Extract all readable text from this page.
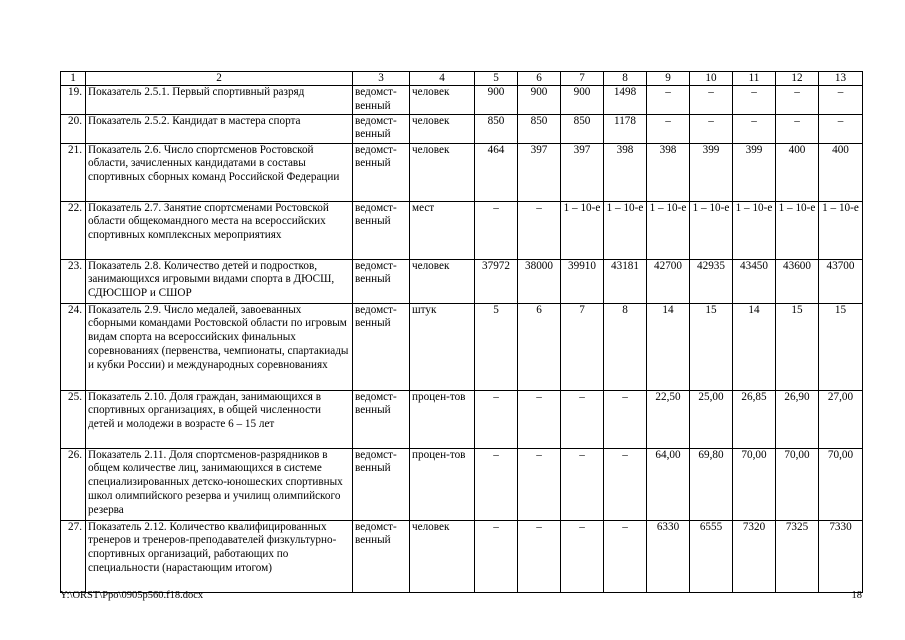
1	2	3	4	5	6	7	8	9	10	11	12	13
19.	Показатель 2.5.1. Первый спортивный разряд	ведомст-венный	человек	900	900	900	1498	–	–	–	–	–
20.	Показатель 2.5.2. Кандидат в мастера спорта	ведомст-венный	человек	850	850	850	1178	–	–	–	–	–
21.	Показатель 2.6. Число спортсменов Ростовской области, зачисленных кандидатами в составы спортивных сборных команд Российской Федерации	ведомст-венный	человек	464	397	397	398	398	399	399	400	400
22.	Показатель 2.7. Занятие спортсменами Ростовской области общекомандного места на всероссийских спортивных комплексных мероприятиях	ведомст-венный	мест	–	–	1 – 10-е	1 – 10-е	1 – 10-е	1 – 10-е	1 – 10-е	1 – 10-е	1 – 10-е
23.	Показатель 2.8. Количество детей и подростков, занимающихся игровыми видами спорта в ДЮСШ, СДЮСШОР и СШОР	ведомст-венный	человек	37972	38000	39910	43181	42700	42935	43450	43600	43700
24.	Показатель 2.9. Число медалей, завоеванных сборными командами Ростовской области по игровым видам спорта на всероссийских финальных соревнованиях (первенства, чемпионаты, спартакиады и кубки России) и международных соревнованиях	ведомст-венный	штук	5	6	7	8	14	15	14	15	15
25.	Показатель 2.10. Доля граждан, занимающихся в спортивных организациях, в общей численности детей и молодежи в возрасте 6 – 15 лет	ведомст-венный	процен-тов	–	–	–	–	22,50	25,00	26,85	26,90	27,00
26.	Показатель 2.11. Доля спортсменов-разрядников в общем количестве лиц, занимающихся в системе специализированных детско-юношеских спортивных школ олимпийского резерва и училищ олимпийского резерва	ведомст-венный	процен-тов	–	–	–	–	64,00	69,80	70,00	70,00	70,00
27.	Показатель 2.12. Количество квалифицированных тренеров и тренеров-преподавателей физкультурно-спортивных организаций, работающих по специальности (нарастающим итогом)	ведомст-венный	человек	–	–	–	–	6330	6555	7320	7325	7330
Y:\ORST\Ppo\0905p560.f18.docx	18
